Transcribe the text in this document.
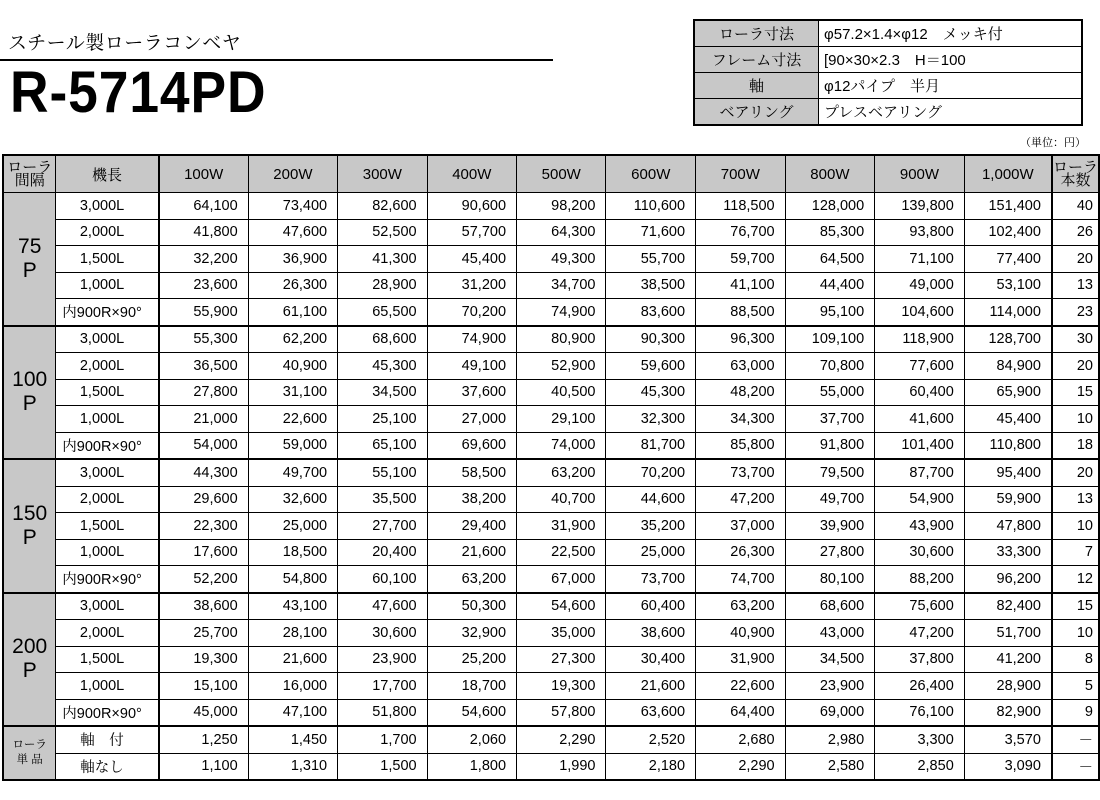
スチール製ローラコンベヤ
R-5714PD
ローラ寸法	φ57.2×1.4×φ12　メッキ付
フレーム寸法	[90×30×2.3　H＝100
軸	φ12パイプ　半月
ベアリング	プレスベアリング
（単位：円）
ローラ
間隔	機長	100W	200W	300W	400W	500W	600W	700W	800W	900W	1,000W	ローラ
本数
75
P	3,000L	64,100	73,400	82,600	90,600	98,200	110,600	118,500	128,000	139,800	151,400	40
	2,000L	41,800	47,600	52,500	57,700	64,300	71,600	76,700	85,300	93,800	102,400	26
	1,500L	32,200	36,900	41,300	45,400	49,300	55,700	59,700	64,500	71,100	77,400	20
	1,000L	23,600	26,300	28,900	31,200	34,700	38,500	41,100	44,400	49,000	53,100	13
	内900R×90°	55,900	61,100	65,500	70,200	74,900	83,600	88,500	95,100	104,600	114,000	23
100
P	3,000L	55,300	62,200	68,600	74,900	80,900	90,300	96,300	109,100	118,900	128,700	30
	2,000L	36,500	40,900	45,300	49,100	52,900	59,600	63,000	70,800	77,600	84,900	20
	1,500L	27,800	31,100	34,500	37,600	40,500	45,300	48,200	55,000	60,400	65,900	15
	1,000L	21,000	22,600	25,100	27,000	29,100	32,300	34,300	37,700	41,600	45,400	10
	内900R×90°	54,000	59,000	65,100	69,600	74,000	81,700	85,800	91,800	101,400	110,800	18
150
P	3,000L	44,300	49,700	55,100	58,500	63,200	70,200	73,700	79,500	87,700	95,400	20
	2,000L	29,600	32,600	35,500	38,200	40,700	44,600	47,200	49,700	54,900	59,900	13
	1,500L	22,300	25,000	27,700	29,400	31,900	35,200	37,000	39,900	43,900	47,800	10
	1,000L	17,600	18,500	20,400	21,600	22,500	25,000	26,300	27,800	30,600	33,300	7
	内900R×90°	52,200	54,800	60,100	63,200	67,000	73,700	74,700	80,100	88,200	96,200	12
200
P	3,000L	38,600	43,100	47,600	50,300	54,600	60,400	63,200	68,600	75,600	82,400	15
	2,000L	25,700	28,100	30,600	32,900	35,000	38,600	40,900	43,000	47,200	51,700	10
	1,500L	19,300	21,600	23,900	25,200	27,300	30,400	31,900	34,500	37,800	41,200	8
	1,000L	15,100	16,000	17,700	18,700	19,300	21,600	22,600	23,900	26,400	28,900	5
	内900R×90°	45,000	47,100	51,800	54,600	57,800	63,600	64,400	69,000	76,100	82,900	9
ローラ
単 品	軸　付	1,250	1,450	1,700	2,060	2,290	2,520	2,680	2,980	3,300	3,570	－
	軸なし	1,100	1,310	1,500	1,800	1,990	2,180	2,290	2,580	2,850	3,090	－
